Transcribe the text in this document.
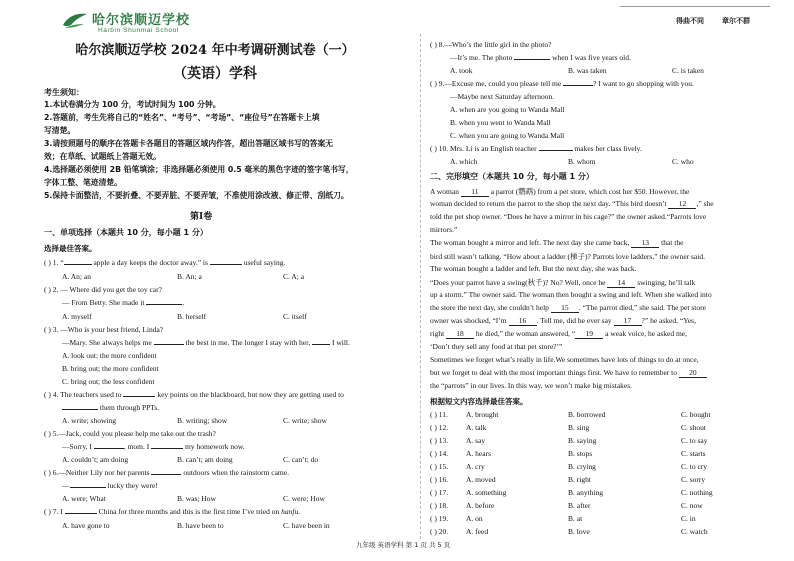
哈尔滨顺迈学校
Harbin Shunmai School
得曲不同	章尔不群
哈尔滨顺迈学校 2024 年中考调研测试卷（一）
（英语）学科
考生须知：
1.本试卷满分为 100 分，考试时间为 100 分钟。
2.答题前，考生先将自己的“姓名”、“考号”、“考场”、“座位号”在答题卡上填
写清楚。
3.请按照题号的顺序在答题卡各题目的答题区域内作答，超出答题区域书写的答案无
效；在草纸、试题纸上答题无效。
4.选择题必须使用 2B 铅笔填涂；非选择题必须使用 0.5 毫米的黑色字迹的签字笔书写，
字体工整、笔迹清楚。
5.保持卡面整洁，不要折叠、不要弄脏、不要弄皱，不准使用涂改液、修正带、刮纸刀。
第I卷
一、单项选择（本题共 10 分，每小题 1 分）
选择最佳答案。
( ) 1. “	apple a day keeps the doctor away.” is	useful saying.
A. An; an	B. An; a	C. A; a
( ) 2. — Where did you get the toy car?
— From Betty. She made it	.
A. myself	B. herself	C. itself
( ) 3. —Who is your best friend, Linda?
—Mary. She always helps me	the best in me. The longer I stay with her,  I will.
A. look out; the more confident
B. bring out; the more confident
C. bring out; the less confident
( ) 4. The teachers used to	key points on the blackboard, but now they are getting used to
them through PPTs.
A. write; showing	B. writing; show	C. write; show
( ) 5.—Jack, could you please help me take out the trash?
—Sorry, I	, mom. I	my homework now.
A. couldn’t; am doing	B. can’t; am doing	C. can’t; do
( ) 6.—Neither Lily nor her parents	outdoors when the rainstorm came.
—	lucky they were!
A. were; What	B. was; How	C. were; How
( ) 7. I	China for three months and this is the first time I’ve tried on hanfu.
A. have gone to	B. have been to	C. have been in
( ) 8.—Who’s the little girl in the photo?
—It’s me. The photo	when I was five years old.
A. took	B. was taken	C. is taken
( ) 9.—Excuse me, could you please tell me	? I want to go shopping with you.
—Maybe next Saturday afternoon.
A. when are you going to Wanda Mall
B. when you went to Wanda Mall
C. when you are going to Wanda Mall
( ) 10. Mrs. Li is an English teacher	makes her class lively.
A. which	B. whom	C. who
二、完形填空（本题共 10 分，每小题 1 分）
A woman 11 a parrot (鹦鹉) from a pet store, which cost her $50. However, the
woman decided to return the parrot to the shop the next day. “This bird doesn’t 12 ,” she
told the pet shop owner. “Does he have a mirror in his cage?” the owner asked.“Parrots love
mirrors.”
The woman bought a mirror and left. The next day she came back, 13 that the
bird still wasn’t talking. “How about a ladder (梯子)? Parrots love ladders,” the owner said.
The woman bought a ladder and left. But the next day, she was back.
“Does your parrot have a swing(秋千)? No? Well, once he 14 swinging, he’ll talk
up a storm.” The owner said. The woman then bought a swing and left. When she walked into
the store the next day, she couldn’t help 15 . “The parrot died,” she said. The pet store
owner was shocked, “I’m 16 . Tell me, did he ever say 17 ?” he asked. “Yes,
right 18 he died,” the woman answered, “ 19 a weak voice, he asked me,
‘Don’t they sell any food at that pet store?’”
Sometimes we forget what’s really in life.We sometimes have lots of things to do at once,
but we forget to deal with the most important things first. We have to remember to 20
the “parrots” in our lives. In this way, we won’t make big mistakes.
根据短文内容选择最佳答案。
( ) 11. A. brought	B. borrowed	C. bought
( ) 12. A. talk	B. sing	C. shout
( ) 13. A. say	B. saying	C. to say
( ) 14. A. hears	B. stops	C. starts
( ) 15. A. cry	B. crying	C. to cry
( ) 16. A. moved	B. right	C. sorry
( ) 17. A. something	B. anything	C. nothing
( ) 18. A. before	B. after	C. now
( ) 19. A. on	B. at	C. in
( ) 20. A. feed	B. love	C. watch
九年级 英语学科 第 1 页 共 5 页
